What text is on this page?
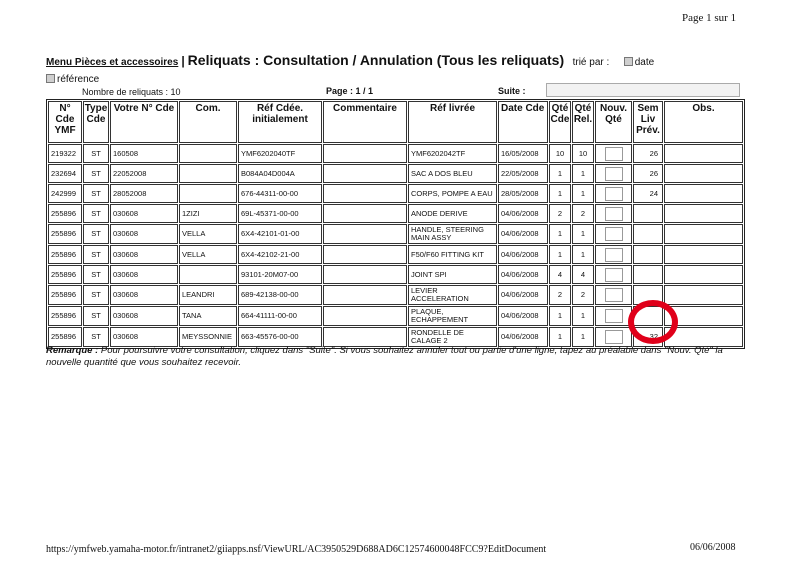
Page 1 sur 1
Menu Pièces et accessoires | Reliquats : Consultation / Annulation (Tous les reliquats) trié par :	date
référence
Nombre de reliquats : 10	Page : 1 / 1	Suite :
N° Cde YMF	Type Cde	Votre N° Cde	Com.	Réf Cdée. initialement	Commentaire	Réf livrée	Date Cde	Qté Cde	Qté Rel.	Nouv. Qté	Sem Liv Prév.	Obs.
219322	ST	160508		YMF6202040TF		YMF6202042TF	16/05/2008	10	10		26	

232694	ST	22052008		B084A04D004A		SAC A DOS BLEU	22/05/2008	1	1		26	

242999	ST	28052008		676-44311-00-00		CORPS, POMPE A EAU	28/05/2008	1	1		24	

255896	ST	030608	1ZIZI	69L-45371-00-00		ANODE DERIVE	04/06/2008	2	2		

255896	ST	030608	VELLA	6X4-42101-01-00		HANDLE, STEERING MAIN ASSY	04/06/2008	1	1		

255896	ST	030608	VELLA	6X4-42102-21-00		F50/F60 FITTING KIT	04/06/2008	1	1		

255896	ST	030608		93101-20M07-00		JOINT SPI	04/06/2008	4	4		

255896	ST	030608	LEANDRI	689-42138-00-00		LEVIER ACCELERATION	04/06/2008	2	2		

255896	ST	030608	TANA	664-41111-00-00		PLAQUE, ECHAPPEMENT	04/06/2008	1	1		

255896	ST	030608	MEYSSONNIE	663-45576-00-00		RONDELLE DE CALAGE 2	04/06/2008	1	1		32	

Remarque : Pour poursuivre votre consultation, cliquez dans "Suite". Si vous souhaitez annuler tout ou partie d'une ligne, tapez au préalable dans "Nouv. Qté" la nouvelle quantité que vous souhaitez recevoir.
https://ymfweb.yamaha-motor.fr/intranet2/giiapps.nsf/ViewURL/AC3950529D688AD6C12574600048FCC9?EditDocument	06/06/2008
